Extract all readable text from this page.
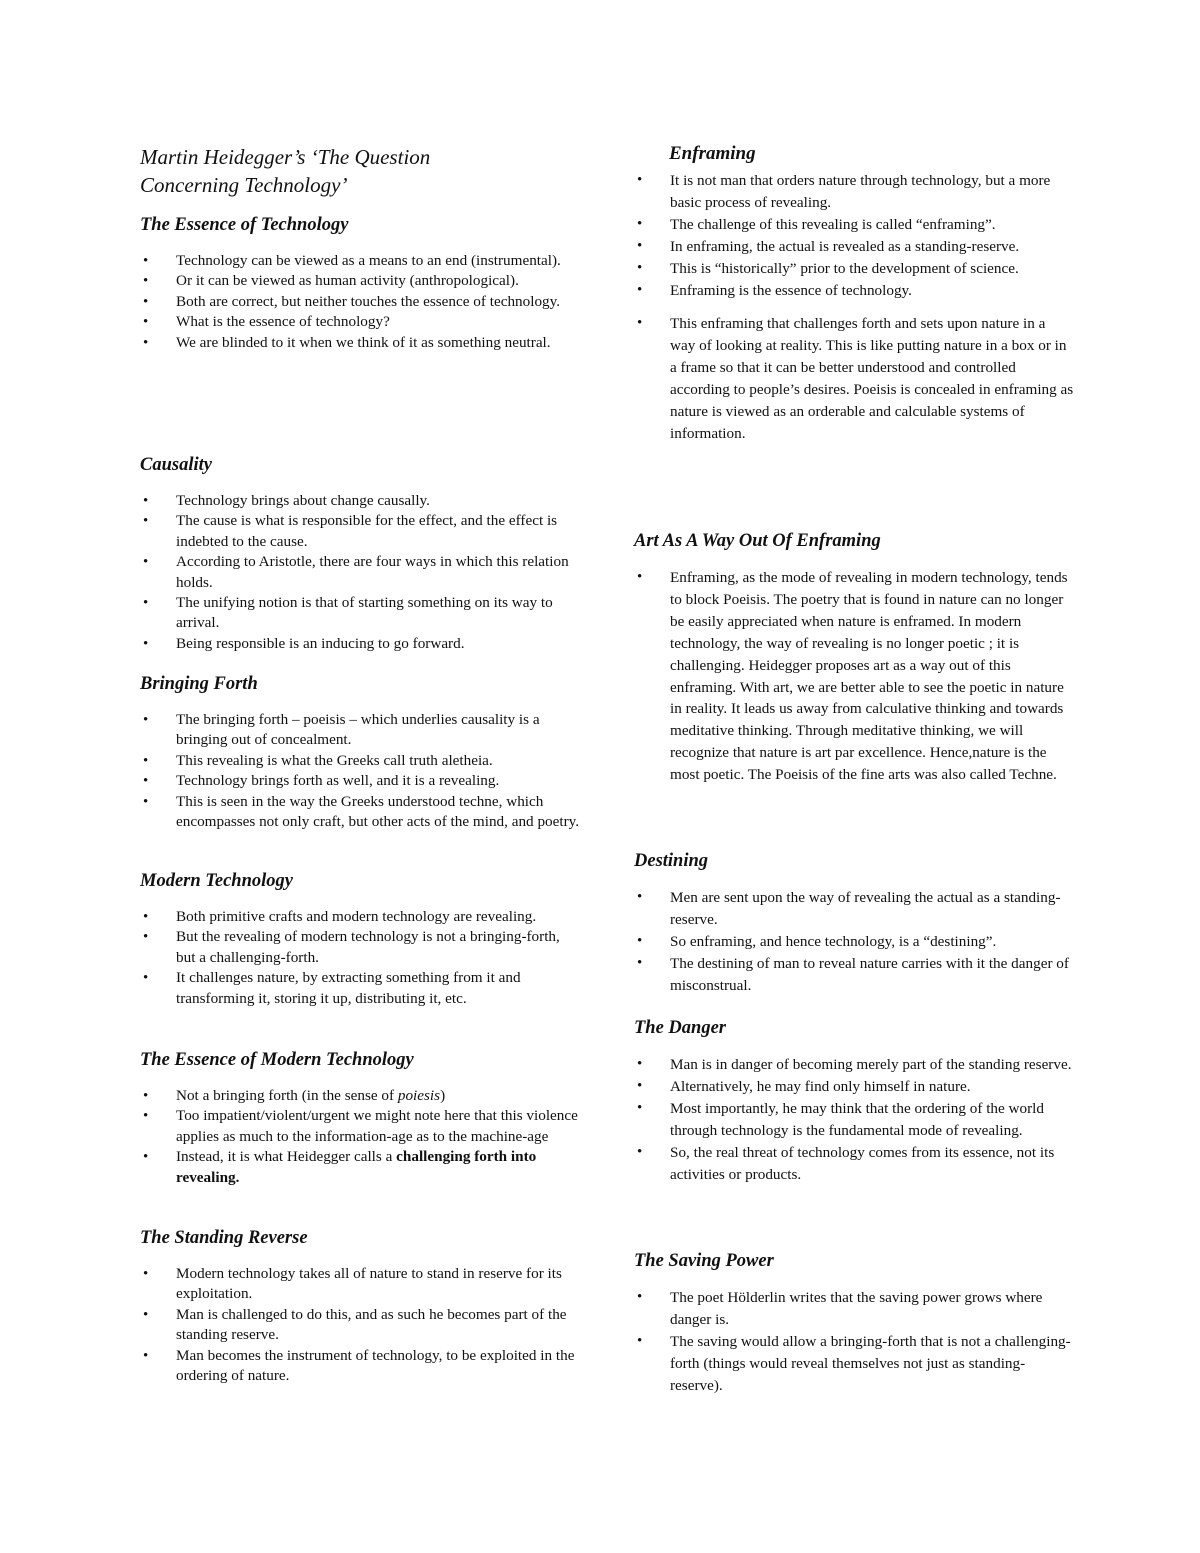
Martin Heidegger’s ‘The Question
Concerning Technology’
The Essence of Technology
• Technology can be viewed as a means to an end (instrumental).
• Or it can be viewed as human activity (anthropological).
• Both are correct, but neither touches the essence of technology.
• What is the essence of technology?
• We are blinded to it when we think of it as something neutral.
Causality
• Technology brings about change causally.
• The cause is what is responsible for the effect, and the effect is indebted to the cause.
• According to Aristotle, there are four ways in which this relation holds.
• The unifying notion is that of starting something on its way to arrival.
• Being responsible is an inducing to go forward.
Bringing Forth
• The bringing forth – poeisis – which underlies causality is a bringing out of concealment.
• This revealing is what the Greeks call truth aletheia.
• Technology brings forth as well, and it is a revealing.
• This is seen in the way the Greeks understood techne, which encompasses not only craft, but other acts of the mind, and poetry.
Modern Technology
• Both primitive crafts and modern technology are revealing.
• But the revealing of modern technology is not a bringing-forth, but a challenging-forth.
• It challenges nature, by extracting something from it and transforming it, storing it up, distributing it, etc.
The Essence of Modern Technology
• Not a bringing forth (in the sense of poiesis)
• Too impatient/violent/urgent we might note here that this violence applies as much to the information-age as to the machine-age
• Instead, it is what Heidegger calls a challenging forth into revealing.
The Standing Reverse
• Modern technology takes all of nature to stand in reserve for its exploitation.
• Man is challenged to do this, and as such he becomes part of the standing reserve.
• Man becomes the instrument of technology, to be exploited in the ordering of nature.
Enframing
• It is not man that orders nature through technology, but a more basic process of revealing.
• The challenge of this revealing is called “enframing”.
• In enframing, the actual is revealed as a standing-reserve.
• This is “historically” prior to the development of science.
• Enframing is the essence of technology.
• This enframing that challenges forth and sets upon nature in a way of looking at reality. This is like putting nature in a box or in a frame so that it can be better understood and controlled according to people’s desires. Poeisis is concealed in enframing as nature is viewed as an orderable and calculable systems of information.
Art As A Way Out Of Enframing
• Enframing, as the mode of revealing in modern technology, tends to block Poeisis. The poetry that is found in nature can no longer be easily appreciated when nature is enframed. In modern technology, the way of revealing is no longer poetic ; it is challenging. Heidegger proposes art as a way out of this enframing. With art, we are better able to see the poetic in nature in reality. It leads us away from calculative thinking and towards meditative thinking. Through meditative thinking, we will recognize that nature is art par excellence. Hence,nature is the most poetic. The Poeisis of the fine arts was also called Techne.
Destining
• Men are sent upon the way of revealing the actual as a standing-reserve.
• So enframing, and hence technology, is a “destining”.
• The destining of man to reveal nature carries with it the danger of misconstrual.
The Danger
• Man is in danger of becoming merely part of the standing reserve.
• Alternatively, he may find only himself in nature.
• Most importantly, he may think that the ordering of the world through technology is the fundamental mode of revealing.
• So, the real threat of technology comes from its essence, not its activities or products.
The Saving Power
• The poet Hölderlin writes that the saving power grows where danger is.
• The saving would allow a bringing-forth that is not a challenging-forth (things would reveal themselves not just as standing- reserve).
